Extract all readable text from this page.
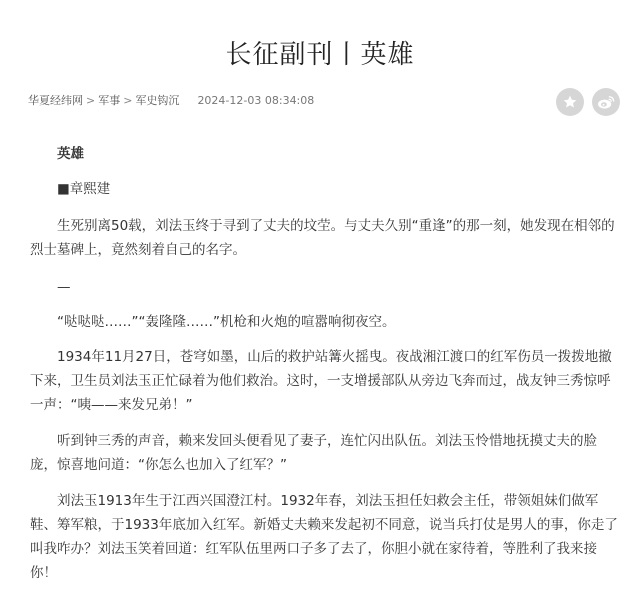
长征副刊丨英雄
华夏经纬网 > 军事 > 军史钩沉 2024-12-03 08:34:08

英雄

■章熙建

生死别离50载，刘法玉终于寻到了丈夫的坟茔。与丈夫久别“重逢”的那一刻，她发现在相邻的烈士墓碑上，竟然刻着自己的名字。

—

“哒哒哒……”“轰隆隆……”机枪和火炮的喧嚣响彻夜空。

1934年11月27日，苍穹如墨，山后的救护站篝火摇曳。夜战湘江渡口的红军伤员一拨拨地撤下来，卫生员刘法玉正忙碌着为他们救治。这时，一支增援部队从旁边飞奔而过，战友钟三秀惊呼一声：“咦——来发兄弟！”

听到钟三秀的声音，赖来发回头便看见了妻子，连忙闪出队伍。刘法玉怜惜地抚摸丈夫的脸庞，惊喜地问道：“你怎么也加入了红军？”

刘法玉1913年生于江西兴国澄江村。1932年春，刘法玉担任妇救会主任，带领姐妹们做军鞋、筹军粮，于1933年底加入红军。新婚丈夫赖来发起初不同意，说当兵打仗是男人的事，你走了叫我咋办？刘法玉笑着回道：红军队伍里两口子多了去了，你胆小就在家待着，等胜利了我来接你！
